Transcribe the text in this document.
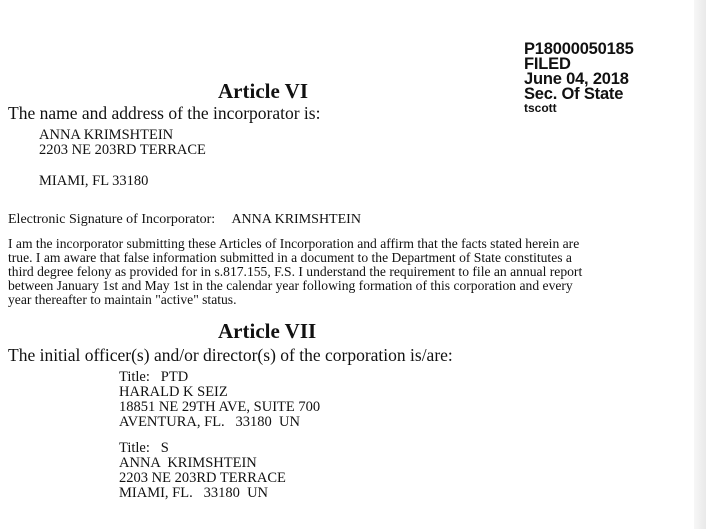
P18000050185
FILED
June 04, 2018
Sec. Of State
tscott
Article VI
The name and address of the incorporator is:
ANNA KRIMSHTEIN
2203 NE 203RD TERRACE
MIAMI, FL 33180
Electronic Signature of Incorporator: ANNA KRIMSHTEIN
I am the incorporator submitting these Articles of Incorporation and affirm that the facts stated herein are
true. I am aware that false information submitted in a document to the Department of State constitutes a
third degree felony as provided for in s.817.155, F.S. I understand the requirement to file an annual report
between January 1st and May 1st in the calendar year following formation of this corporation and every
year thereafter to maintain "active" status.
Article VII
The initial officer(s) and/or director(s) of the corporation is/are:
Title:   PTD
HARALD K SEIZ
18851 NE 29TH AVE, SUITE 700
AVENTURA, FL.   33180  UN
Title:   S
ANNA  KRIMSHTEIN
2203 NE 203RD TERRACE
MIAMI, FL.   33180  UN
